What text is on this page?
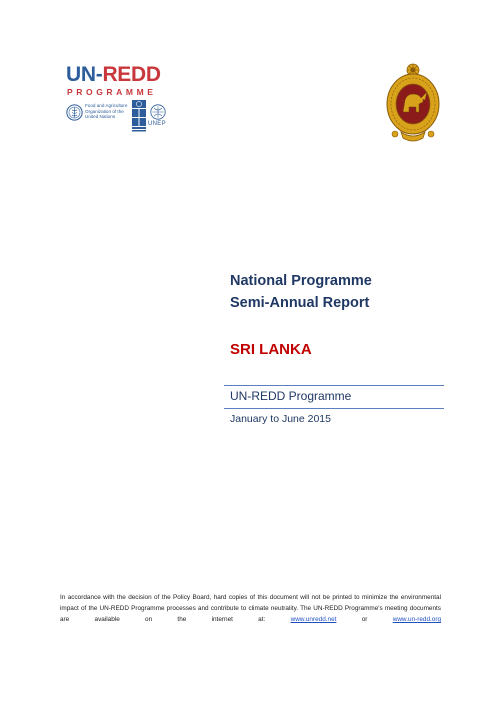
UN-REDD
PROGRAMME
Food and Agriculture Organization of the United Nations
UNEP
National Programme
Semi-Annual Report
SRI LANKA
UN-REDD Programme
January to June 2015
In accordance with the decision of the Policy Board, hard copies of this document will not be printed to minimize the environmental impact of the UN-REDD Programme processes and contribute to climate neutrality. The UN-REDD Programme's meeting documents are available on the internet at:	www.unredd.net	or	www.un-redd.org
